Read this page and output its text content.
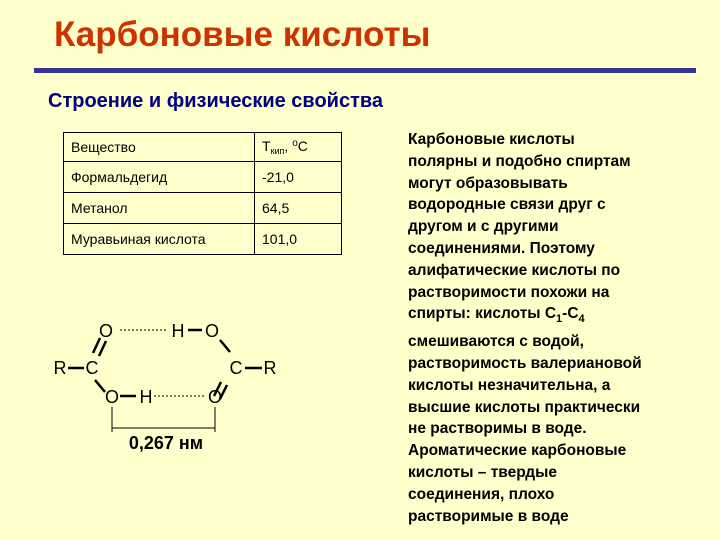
Карбоновые кислоты
Строение и физические свойства
Вещество	$Т_{кип}$, $^о$С
Формальдегид	-21,0
Метанол	64,5
Муравьиная кислота	101,0
O	H O
R C	C R
O H	O
0,267 нм
Карбоновые кислоты
полярны и подобно спиртам
могут образовывать
водородные связи друг с
другом и с другими
соединениями. Поэтому
алифатические кислоты по
растворимости похожи на
спирты: кислоты $С_1-С_4$
смешиваются с водой,
растворимость валериановой
кислоты незначительна, а
высшие кислоты практически
не растворимы в воде.
Ароматические карбоновые
кислоты – твердые
соединения, плохо
растворимые в воде
